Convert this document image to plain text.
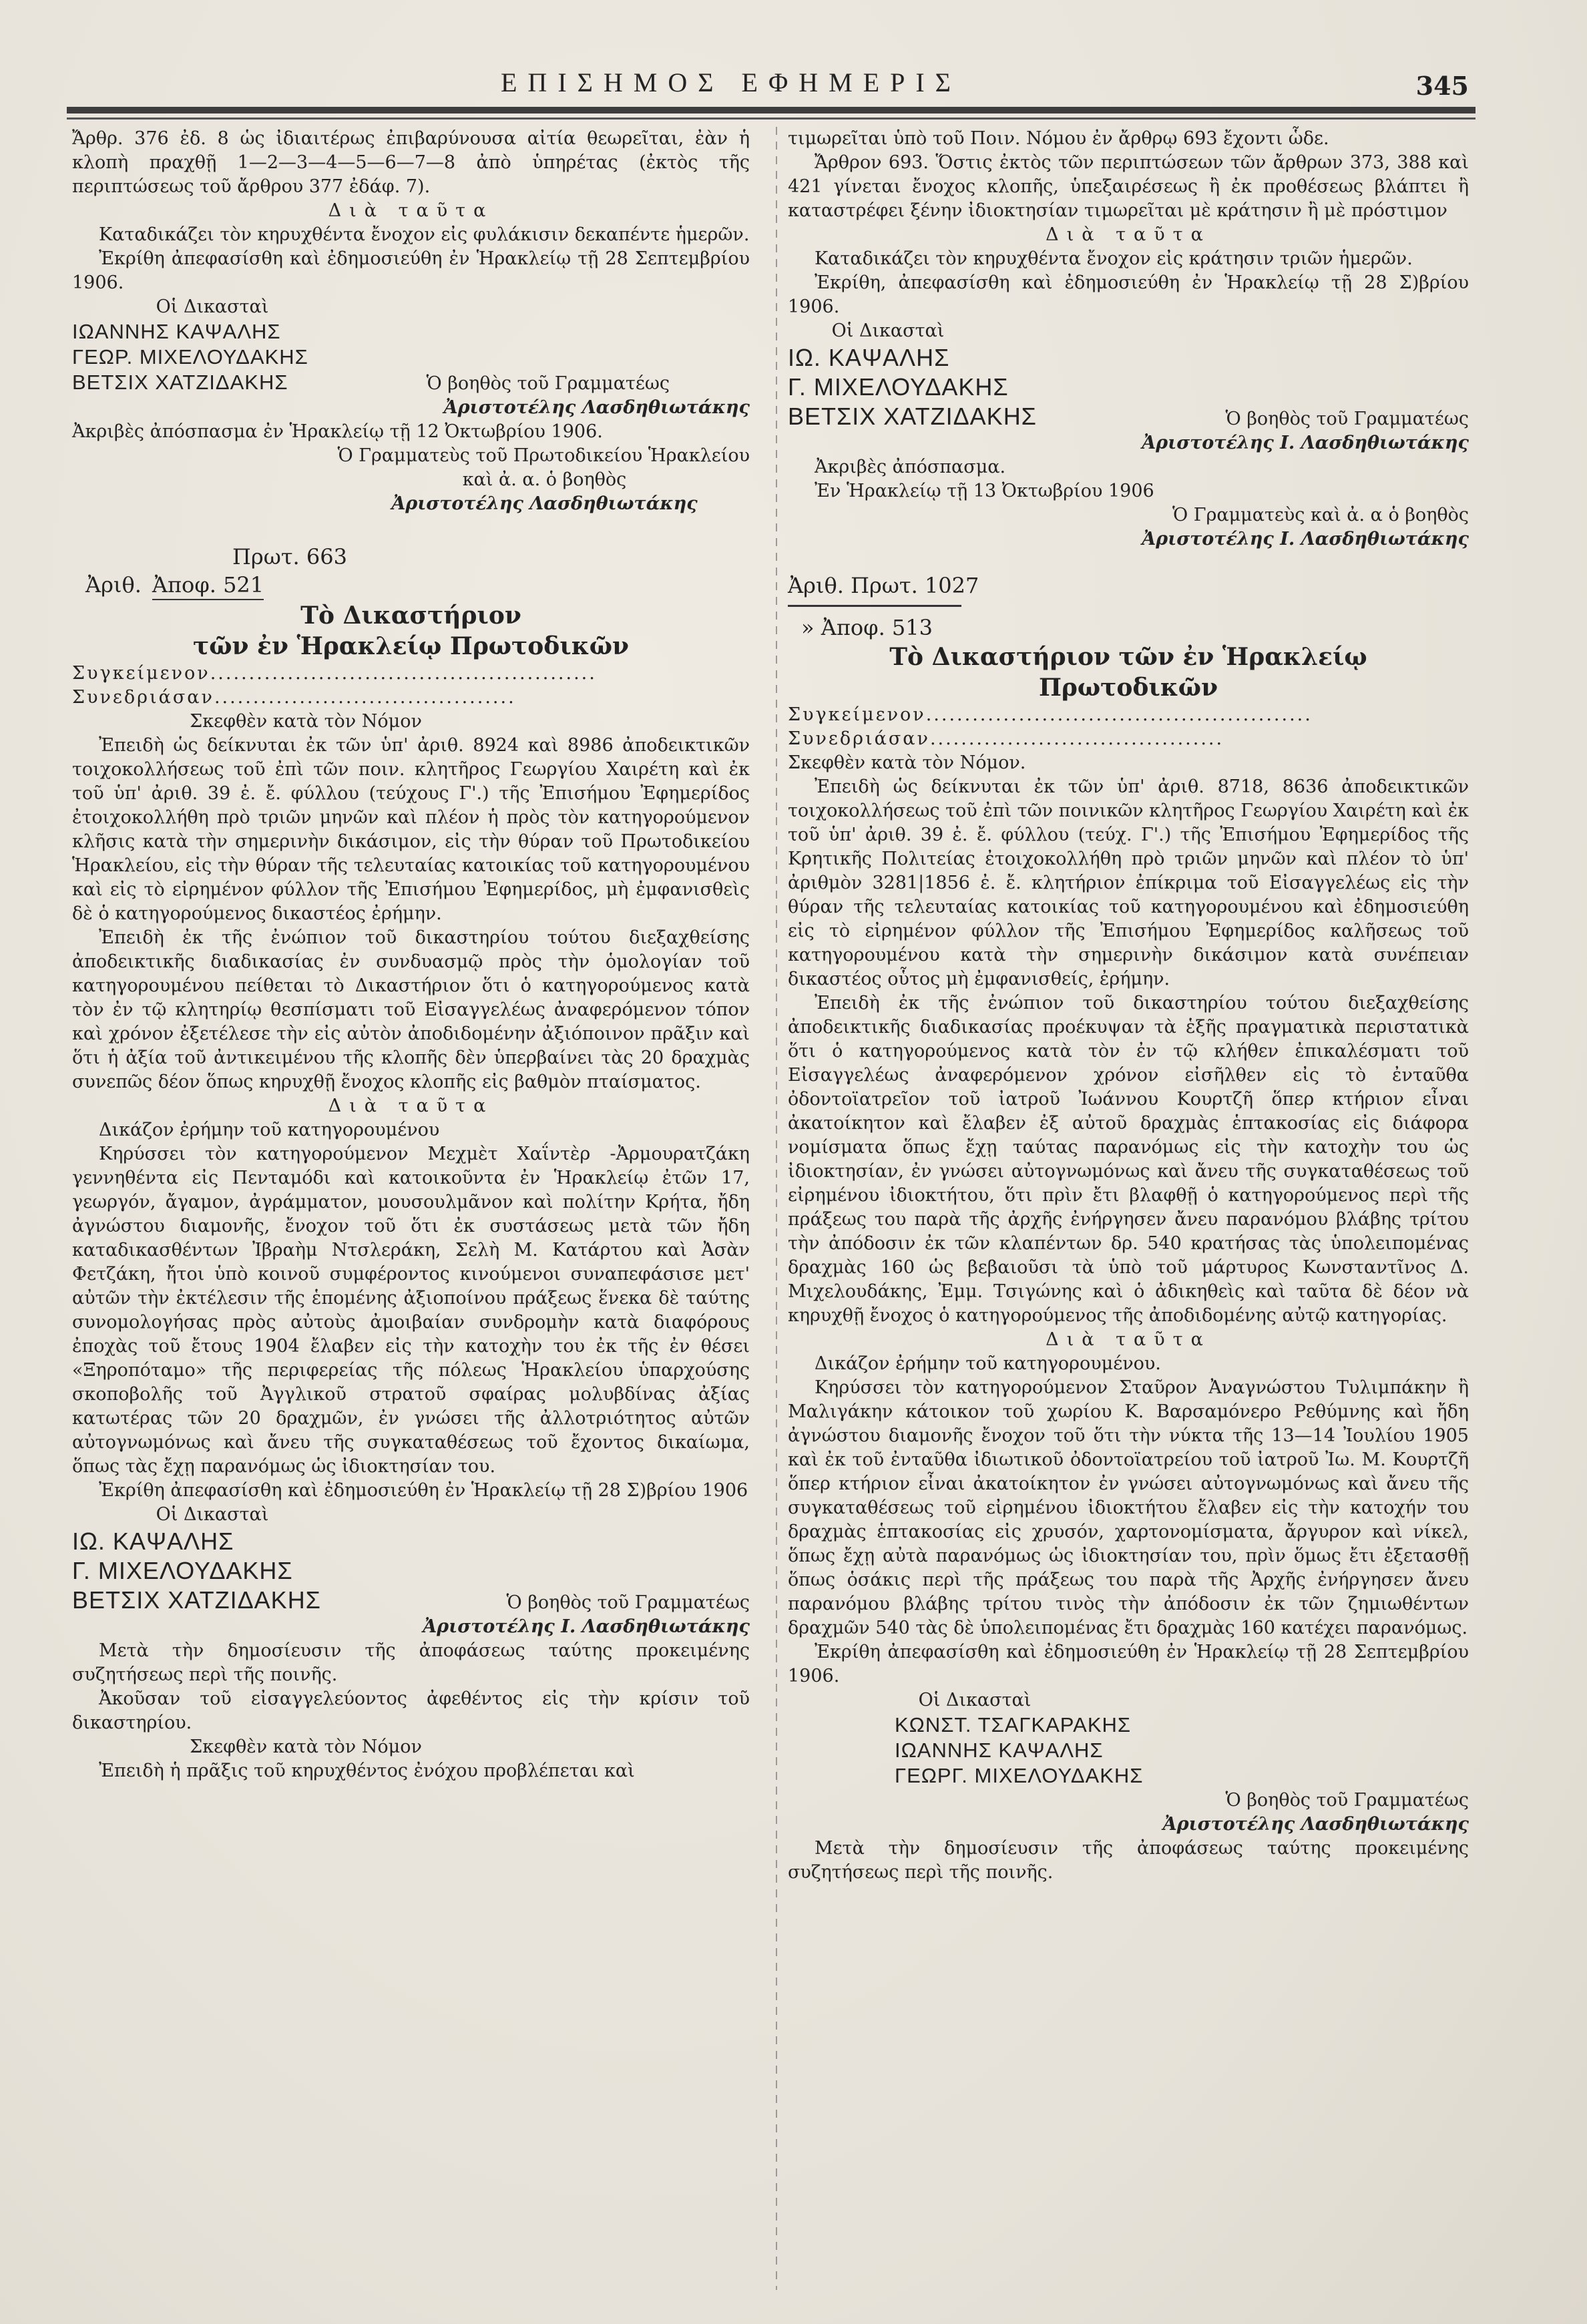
ΕΠΙΣΗΜΟΣ ΕΦΗΜΕΡΙΣ	345

Ἄρθρ. 376 ἐδ. 8 ὡς ἰδιαιτέρως ἐπιβαρύνουσα αἰτία θεωρεῖται, ἐὰν ἡ κλοπὴ πραχθῇ 1—2—3—4—5—6—7—8 ἀπὸ ὑπηρέτας (ἐκτὸς τῆς περιπτώσεως τοῦ ἄρθρου 377 ἐδάφ. 7).

Διὰ ταῦτα

Καταδικάζει τὸν κηρυχθέντα ἔνοχον εἰς φυλάκισιν δεκαπέντε ἡμερῶν.

Ἐκρίθη ἀπεφασίσθη καὶ ἐδημοσιεύθη ἐν Ἡρακλείῳ τῇ 28 Σεπτεμβρίου 1906.

Οἱ Δικασταὶ

ΙΩΑΝΝΗΣ ΚΑΨΑΛΗΣ
ΓΕΩΡ. ΜΙΧΕΛΟΥΔΑΚΗΣ
ΒΕΤΣΙΧ ΧΑΤΖΙΔΑΚΗΣ	Ὁ βοηθὸς τοῦ Γραμματέως

Ἀριστοτέλης Λασδηθιωτάκης

Ἀκριβὲς ἀπόσπασμα ἐν Ἡρακλείῳ τῇ 12 Ὀκτωβρίου 1906.

Ὁ Γραμματεὺς τοῦ Πρωτοδικείου Ἡρακλείου

καὶ ἀ. α. ὁ βοηθὸς

Ἀριστοτέλης Λασδηθιωτάκης

Πρωτ. 663
Ἀριθ. Ἀποφ. 521
Τὸ Δικαστήριον
τῶν ἐν Ἡρακλείῳ Πρωτοδικῶν
Συγκείμενον..................................................
Συνεδριάσαν.......................................

Σκεφθὲν κατὰ τὸν Νόμον

Ἐπειδὴ ὡς δείκνυται ἐκ τῶν ὑπ' ἀριθ. 8924 καὶ 8986 ἀποδεικτικῶν τοιχοκολλήσεως τοῦ ἐπὶ τῶν ποιν. κλητῆρος Γεωργίου Χαιρέτη καὶ ἐκ τοῦ ὑπ' ἀριθ. 39 ἐ. ἔ. φύλλου (τεύχους Γ'.) τῆς Ἐπισήμου Ἐφημερίδος ἐτοιχοκολλήθη πρὸ τριῶν μηνῶν καὶ πλέον ἡ πρὸς τὸν κατηγορούμενον κλῆσις κατὰ τὴν σημερινὴν δικάσιμον, εἰς τὴν θύραν τοῦ Πρωτοδικείου Ἡρακλείου, εἰς τὴν θύραν τῆς τελευταίας κατοικίας τοῦ κατηγορουμένου καὶ εἰς τὸ εἰρημένον φύλλον τῆς Ἐπισήμου Ἐφημερίδος, μὴ ἐμφανισθεὶς δὲ ὁ κατηγορούμενος δικαστέος ἐρήμην.

Ἐπειδὴ ἐκ τῆς ἐνώπιον τοῦ δικαστηρίου τούτου διεξαχθείσης ἀποδεικτικῆς διαδικασίας ἐν συνδυασμῷ πρὸς τὴν ὁμολογίαν τοῦ κατηγορουμένου πείθεται τὸ Δικαστήριον ὅτι ὁ κατηγορούμενος κατὰ τὸν ἐν τῷ κλητηρίῳ θεσπίσματι τοῦ Εἰσαγγελέως ἀναφερόμενον τόπον καὶ χρόνον ἐξετέλεσε τὴν εἰς αὐτὸν ἀποδιδομένην ἀξιόποινον πρᾶξιν καὶ ὅτι ἡ ἀξία τοῦ ἀντικειμένου τῆς κλοπῆς δὲν ὑπερβαίνει τὰς 20 δραχμὰς συνεπῶς δέον ὅπως κηρυχθῇ ἔνοχος κλοπῆς εἰς βαθμὸν πταίσματος.

Διὰ ταῦτα

Δικάζον ἐρήμην τοῦ κατηγορουμένου

Κηρύσσει τὸν κατηγορούμενον Μεχμὲτ Χαΐντὲρ -Ἀρμουρατζάκη γεννηθέντα εἰς Πενταμόδι καὶ κατοικοῦντα ἐν Ἡρακλείῳ ἐτῶν 17, γεωργόν, ἄγαμον, ἀγράμματον, μουσουλμᾶνον καὶ πολίτην Κρήτα, ἤδη ἀγνώστου διαμονῆς, ἔνοχον τοῦ ὅτι ἐκ συστάσεως μετὰ τῶν ἤδη καταδικασθέντων Ἰβραὴμ Ντσλεράκη, Σελὴ Μ. Κατάρτου καὶ Ἀσὰν Φετζάκη, ἤτοι ὑπὸ κοινοῦ συμφέροντος κινούμενοι συναπεφάσισε μετ' αὐτῶν τὴν ἐκτέλεσιν τῆς ἑπομένης ἀξιοποίνου πράξεως ἕνεκα δὲ ταύτης συνομολογήσας πρὸς αὐτοὺς ἀμοιβαίαν συνδρομὴν κατὰ διαφόρους ἐποχὰς τοῦ ἔτους 1904 ἔλαβεν εἰς τὴν κατοχὴν του ἐκ τῆς ἐν θέσει «Ξηροπόταμο» τῆς περιφερείας τῆς πόλεως Ἡρακλείου ὑπαρχούσης σκοποβολῆς τοῦ Ἀγγλικοῦ στρατοῦ σφαίρας μολυβδίνας ἀξίας κατωτέρας τῶν 20 δραχμῶν, ἐν γνώσει τῆς ἀλλοτριότητος αὐτῶν αὐτογνωμόνως καὶ ἄνευ τῆς συγκαταθέσεως τοῦ ἔχοντος δικαίωμα, ὅπως τὰς ἔχῃ παρανόμως ὡς ἰδιοκτησίαν του.

Ἐκρίθη ἀπεφασίσθη καὶ ἐδημοσιεύθη ἐν Ἡρακλείῳ τῇ 28 Σ)βρίου 1906

Οἱ Δικασταὶ

ΙΩ. ΚΑΨΑΛΗΣ
Γ. ΜΙΧΕΛΟΥΔΑΚΗΣ
ΒΕΤΣΙΧ ΧΑΤΖΙΔΑΚΗΣ	Ὁ βοηθὸς τοῦ Γραμματέως

Ἀριστοτέλης Ι. Λασδηθιωτάκης

Μετὰ τὴν δημοσίευσιν τῆς ἀποφάσεως ταύτης προκειμένης συζητήσεως περὶ τῆς ποινῆς.

Ἀκοῦσαν τοῦ εἰσαγγελεύοντος ἀφεθέντος εἰς τὴν κρίσιν τοῦ δικαστηρίου.

Σκεφθὲν κατὰ τὸν Νόμον

Ἐπειδὴ ἡ πρᾶξις τοῦ κηρυχθέντος ἐνόχου προβλέπεται καὶ

τιμωρεῖται ὑπὸ τοῦ Ποιν. Νόμου ἐν ἄρθρῳ 693 ἔχοντι ὧδε.

Ἄρθρον 693. Ὅστις ἐκτὸς τῶν περιπτώσεων τῶν ἄρθρων 373, 388 καὶ 421 γίνεται ἔνοχος κλοπῆς, ὑπεξαιρέσεως ἢ ἐκ προθέσεως βλάπτει ἢ καταστρέφει ξένην ἰδιοκτησίαν τιμωρεῖται μὲ κράτησιν ἢ μὲ πρόστιμον

Διὰ ταῦτα

Καταδικάζει τὸν κηρυχθέντα ἔνοχον εἰς κράτησιν τριῶν ἡμερῶν.

Ἐκρίθη, ἀπεφασίσθη καὶ ἐδημοσιεύθη ἐν Ἡρακλείῳ τῇ 28 Σ)βρίου 1906.

Οἱ Δικασταὶ

ΙΩ. ΚΑΨΑΛΗΣ
Γ. ΜΙΧΕΛΟΥΔΑΚΗΣ
ΒΕΤΣΙΧ ΧΑΤΖΙΔΑΚΗΣ	Ὁ βοηθὸς τοῦ Γραμματέως

Ἀριστοτέλης Ι. Λασδηθιωτάκης

Ἀκριβὲς ἀπόσπασμα.

Ἐν Ἡρακλείῳ τῇ 13 Ὀκτωβρίου 1906

Ὁ Γραμματεὺς καὶ ἀ. α ὁ βοηθὸς

Ἀριστοτέλης Ι. Λασδηθιωτάκης

Ἀριθ. Πρωτ. 1027
» Ἀποφ. 513
Τὸ Δικαστήριον τῶν ἐν Ἡρακλείῳ
Πρωτοδικῶν
Συγκείμενον..................................................
Συνεδριάσαν......................................

Σκεφθὲν κατὰ τὸν Νόμον.

Ἐπειδὴ ὡς δείκνυται ἐκ τῶν ὑπ' ἀριθ. 8718, 8636 ἀποδεικτικῶν τοιχοκολλήσεως τοῦ ἐπὶ τῶν ποινικῶν κλητῆρος Γεωργίου Χαιρέτη καὶ ἐκ τοῦ ὑπ' ἀριθ. 39 ἐ. ἔ. φύλλου (τεύχ. Γ'.) τῆς Ἐπισήμου Ἐφημερίδος τῆς Κρητικῆς Πολιτείας ἐτοιχοκολλήθη πρὸ τριῶν μηνῶν καὶ πλέον τὸ ὑπ' ἀριθμὸν 3281|1856 ἐ. ἔ. κλητήριον ἐπίκριμα τοῦ Εἰσαγγελέως εἰς τὴν θύραν τῆς τελευταίας κατοικίας τοῦ κατηγορουμένου καὶ ἐδημοσιεύθη εἰς τὸ εἰρημένον φύλλον τῆς Ἐπισήμου Ἐφημερίδος καλῆσεως τοῦ κατηγορουμένου κατὰ τὴν σημερινὴν δικάσιμον κατὰ συνέπειαν δικαστέος οὗτος μὴ ἐμφανισθείς, ἐρήμην.

Ἐπειδὴ ἐκ τῆς ἐνώπιον τοῦ δικαστηρίου τούτου διεξαχθείσης ἀποδεικτικῆς διαδικασίας προέκυψαν τὰ ἑξῆς πραγματικὰ περιστατικὰ ὅτι ὁ κατηγορούμενος κατὰ τὸν ἐν τῷ κλήθεν ἐπικαλέσματι τοῦ Εἰσαγγελέως ἀναφερόμενον χρόνον εἰσῆλθεν εἰς τὸ ἐνταῦθα ὀδοντοϊατρεῖον τοῦ ἰατροῦ Ἰωάννου Κουρτζῆ ὅπερ κτήριον εἶναι ἀκατοίκητον καὶ ἔλαβεν ἐξ αὐτοῦ δραχμὰς ἑπτακοσίας εἰς διάφορα νομίσματα ὅπως ἔχῃ ταύτας παρανόμως εἰς τὴν κατοχὴν του ὡς ἰδιοκτησίαν, ἐν γνώσει αὐτογνωμόνως καὶ ἄνευ τῆς συγκαταθέσεως τοῦ εἰρημένου ἰδιοκτήτου, ὅτι πρὶν ἔτι βλαφθῇ ὁ κατηγορούμενος περὶ τῆς πράξεως του παρὰ τῆς ἀρχῆς ἐνήργησεν ἄνευ παρανόμου βλάβης τρίτου τὴν ἀπόδοσιν ἐκ τῶν κλαπέντων δρ. 540 κρατήσας τὰς ὑπολειπομένας δραχμὰς 160 ὡς βεβαιοῦσι τὰ ὑπὸ τοῦ μάρτυρος Κωνσταντῖνος Δ. Μιχελουδάκης, Ἐμμ. Τσιγώνης καὶ ὁ ἀδικηθεὶς καὶ ταῦτα δὲ δέον νὰ κηρυχθῇ ἔνοχος ὁ κατηγορούμενος τῆς ἀποδιδομένης αὐτῷ κατηγορίας.

Διὰ ταῦτα

Δικάζον ἐρήμην τοῦ κατηγορουμένου.

Κηρύσσει τὸν κατηγορούμενον Σταῦρον Ἀναγνώστου Τυλιμπάκην ἢ Μαλιγάκην κάτοικον τοῦ χωρίου Κ. Βαρσαμόνερο Ρεθύμνης καὶ ἤδη ἀγνώστου διαμονῆς ἔνοχον τοῦ ὅτι τὴν νύκτα τῆς 13—14 Ἰουλίου 1905 καὶ ἐκ τοῦ ἐνταῦθα ἰδιωτικοῦ ὀδοντοϊατρείου τοῦ ἰατροῦ Ἰω. Μ. Κουρτζῆ ὅπερ κτήριον εἶναι ἀκατοίκητον ἐν γνώσει αὐτογνωμόνως καὶ ἄνευ τῆς συγκαταθέσεως τοῦ εἰρημένου ἰδιοκτήτου ἔλαβεν εἰς τὴν κατοχήν του δραχμὰς ἑπτακοσίας εἰς χρυσόν, χαρτονομίσματα, ἄργυρον καὶ νίκελ, ὅπως ἔχῃ αὐτὰ παρανόμως ὡς ἰδιοκτησίαν του, πρὶν ὅμως ἔτι ἐξετασθῇ ὅπως ὁσάκις περὶ τῆς πράξεως του παρὰ τῆς Ἀρχῆς ἐνήργησεν ἄνευ παρανόμου βλάβης τρίτου τινὸς τὴν ἀπόδοσιν ἐκ τῶν ζημιωθέντων δραχμῶν 540 τὰς δὲ ὑπολειπομένας ἔτι δραχμὰς 160 κατέχει παρανόμως.

Ἐκρίθη ἀπεφασίσθη καὶ ἐδημοσιεύθη ἐν Ἡρακλείῳ τῇ 28 Σεπτεμβρίου 1906.

Οἱ Δικασταὶ

ΚΩΝΣΤ. ΤΣΑΓΚΑΡΑΚΗΣ
ΙΩΑΝΝΗΣ ΚΑΨΑΛΗΣ
ΓΕΩΡΓ. ΜΙΧΕΛΟΥΔΑΚΗΣ

Ὁ βοηθὸς τοῦ Γραμματέως

Ἀριστοτέλης Λασδηθιωτάκης

Μετὰ τὴν δημοσίευσιν τῆς ἀποφάσεως ταύτης προκειμένης συζητήσεως περὶ τῆς ποινῆς.
